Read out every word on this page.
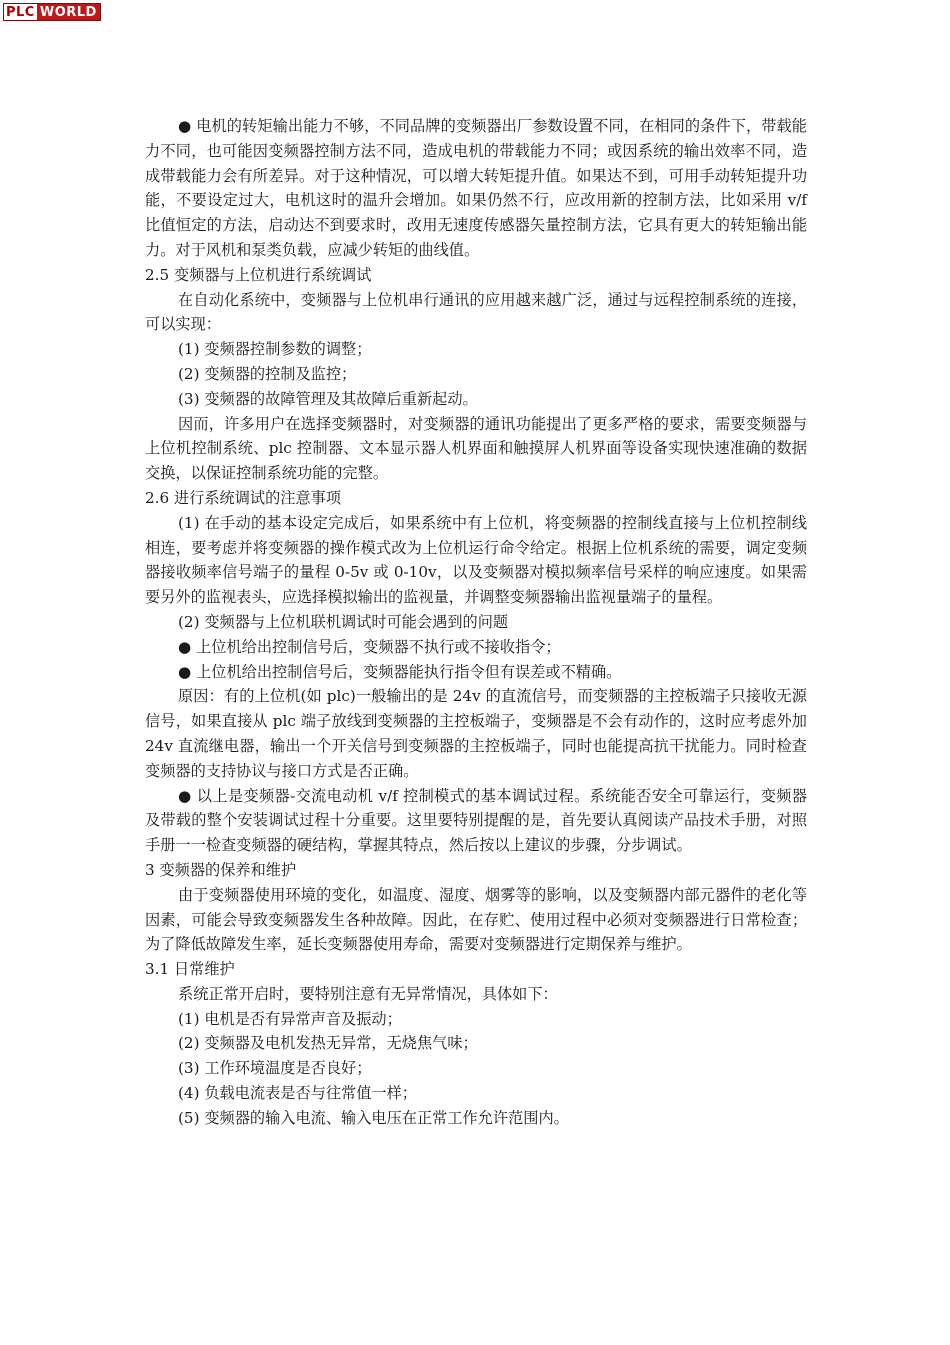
PLC WORLD

● 电机的转矩输出能力不够，不同品牌的变频器出厂参数设置不同，在相同的条件下，带载能力不同，也可能因变频器控制方法不同，造成电机的带载能力不同；或因系统的输出效率不同，造成带载能力会有所差异。对于这种情况，可以增大转矩提升值。如果达不到，可用手动转矩提升功能，不要设定过大，电机这时的温升会增加。如果仍然不行，应改用新的控制方法，比如采用 v/f 比值恒定的方法，启动达不到要求时，改用无速度传感器矢量控制方法，它具有更大的转矩输出能力。对于风机和泵类负载，应减少转矩的曲线值。

2.5 变频器与上位机进行系统调试

在自动化系统中，变频器与上位机串行通讯的应用越来越广泛，通过与远程控制系统的连接，可以实现：

(1) 变频器控制参数的调整；

(2) 变频器的控制及监控；

(3) 变频器的故障管理及其故障后重新起动。

因而，许多用户在选择变频器时，对变频器的通讯功能提出了更多严格的要求，需要变频器与上位机控制系统、plc 控制器、文本显示器人机界面和触摸屏人机界面等设备实现快速准确的数据交换，以保证控制系统功能的完整。

2.6 进行系统调试的注意事项

(1) 在手动的基本设定完成后，如果系统中有上位机，将变频器的控制线直接与上位机控制线相连，要考虑并将变频器的操作模式改为上位机运行命令给定。根据上位机系统的需要，调定变频器接收频率信号端子的量程 0-5v 或 0-10v，以及变频器对模拟频率信号采样的响应速度。如果需要另外的监视表头，应选择模拟输出的监视量，并调整变频器输出监视量端子的量程。

(2) 变频器与上位机联机调试时可能会遇到的问题

● 上位机给出控制信号后，变频器不执行或不接收指令；

● 上位机给出控制信号后，变频器能执行指令但有误差或不精确。

原因：有的上位机(如 plc)一般输出的是 24v 的直流信号，而变频器的主控板端子只接收无源信号，如果直接从 plc 端子放线到变频器的主控板端子，变频器是不会有动作的，这时应考虑外加 24v 直流继电器，输出一个开关信号到变频器的主控板端子，同时也能提高抗干扰能力。同时检查变频器的支持协议与接口方式是否正确。

● 以上是变频器-交流电动机 v/f 控制模式的基本调试过程。系统能否安全可靠运行，变频器及带载的整个安装调试过程十分重要。这里要特别提醒的是，首先要认真阅读产品技术手册，对照手册一一检查变频器的硬结构，掌握其特点，然后按以上建议的步骤，分步调试。

3 变频器的保养和维护

由于变频器使用环境的变化，如温度、湿度、烟雾等的影响，以及变频器内部元器件的老化等因素，可能会导致变频器发生各种故障。因此，在存贮、使用过程中必须对变频器进行日常检查；为了降低故障发生率，延长变频器使用寿命，需要对变频器进行定期保养与维护。

3.1 日常维护

系统正常开启时，要特别注意有无异常情况，具体如下：

(1) 电机是否有异常声音及振动；

(2) 变频器及电机发热无异常，无烧焦气味；

(3) 工作环境温度是否良好；

(4) 负载电流表是否与往常值一样；

(5) 变频器的输入电流、输入电压在正常工作允许范围内。
